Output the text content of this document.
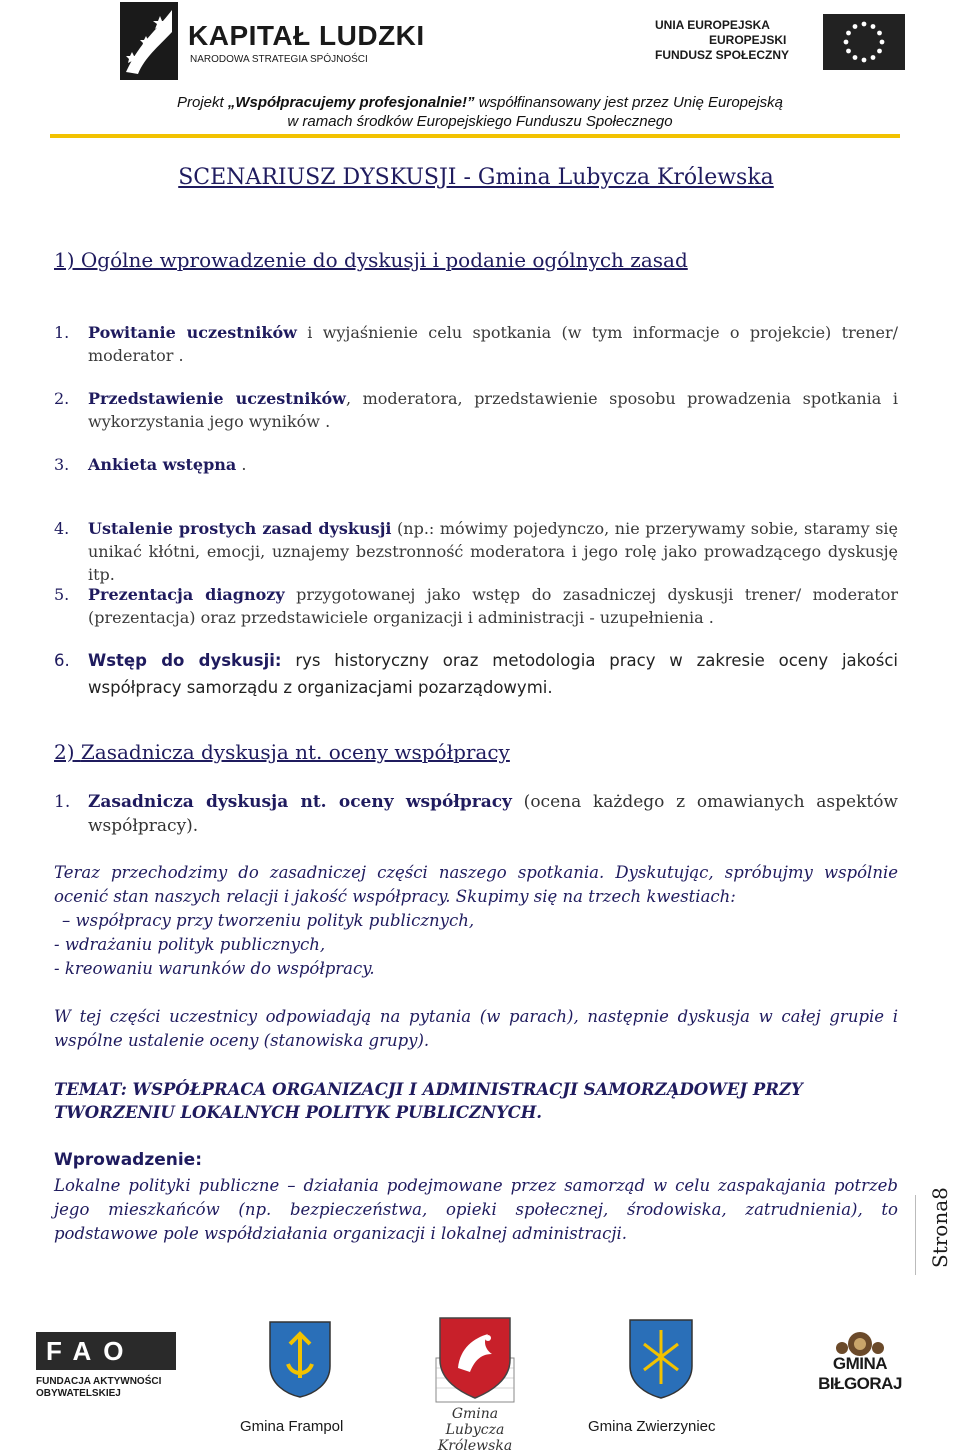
KAPITAŁ LUDZKI
NARODOWA STRATEGIA SPÓJNOŚCI
UNIA EUROPEJSKA
EUROPEJSKI
FUNDUSZ SPOŁECZNY
Projekt „Współpracujemy profesjonalnie!” współfinansowany jest przez Unię Europejską
w ramach środków Europejskiego Funduszu Społecznego
SCENARIUSZ DYSKUSJI - Gmina Lubycza Królewska
1) Ogólne wprowadzenie do dyskusji i podanie ogólnych zasad
1. Powitanie uczestników i wyjaśnienie celu spotkania (w tym informacje o projekcie) trener/ moderator .
2. Przedstawienie uczestników, moderatora, przedstawienie sposobu prowadzenia spotkania i wykorzystania jego wyników .
3. Ankieta wstępna .
4. Ustalenie prostych zasad dyskusji (np.: mówimy pojedynczo, nie przerywamy sobie, staramy się unikać kłótni, emocji, uznajemy bezstronność moderatora i jego rolę jako prowadzącego dyskusję itp.
5. Prezentacja diagnozy przygotowanej jako wstęp do zasadniczej dyskusji trener/ moderator (prezentacja) oraz przedstawiciele organizacji i administracji - uzupełnienia .
6. Wstęp do dyskusji: rys historyczny oraz metodologia pracy w zakresie oceny jakości współpracy samorządu z organizacjami pozarządowymi.
2) Zasadnicza dyskusja nt. oceny współpracy
1. Zasadnicza dyskusja nt. oceny współpracy (ocena każdego z omawianych aspektów współpracy).

Teraz przechodzimy do zasadniczej części naszego spotkania. Dyskutując, spróbujmy wspólnie ocenić stan naszych relacji i jakość współpracy. Skupimy się na trzech kwestiach:

– współpracy przy tworzeniu polityk publicznych,

- wdrażaniu polityk publicznych,

- kreowaniu warunków do współpracy.

W tej części uczestnicy odpowiadają na pytania (w parach), następnie dyskusja w całej grupie i wspólne ustalenie oceny (stanowiska grupy).
TEMAT: WSPÓŁPRACA ORGANIZACJI I ADMINISTRACJI SAMORZĄDOWEJ PRZY TWORZENIU LOKALNYCH POLITYK PUBLICZNYCH.
Wprowadzenie:
Lokalne polityki publiczne – działania podejmowane przez samorząd w celu zaspakajania potrzeb jego mieszkańców (np. bezpieczeństwa, opieki społecznej, środowiska, zatrudnienia), to podstawowe pole współdziałania organizacji i lokalnej administracji.	Strona8
FAO
FUNDACJA AKTYWNOŚCI
OBYWATELSKIEJ
Gmina Frampol
Gmina
Lubycza Królewska
Gmina Zwierzyniec
GMINA BIŁGORAJ
